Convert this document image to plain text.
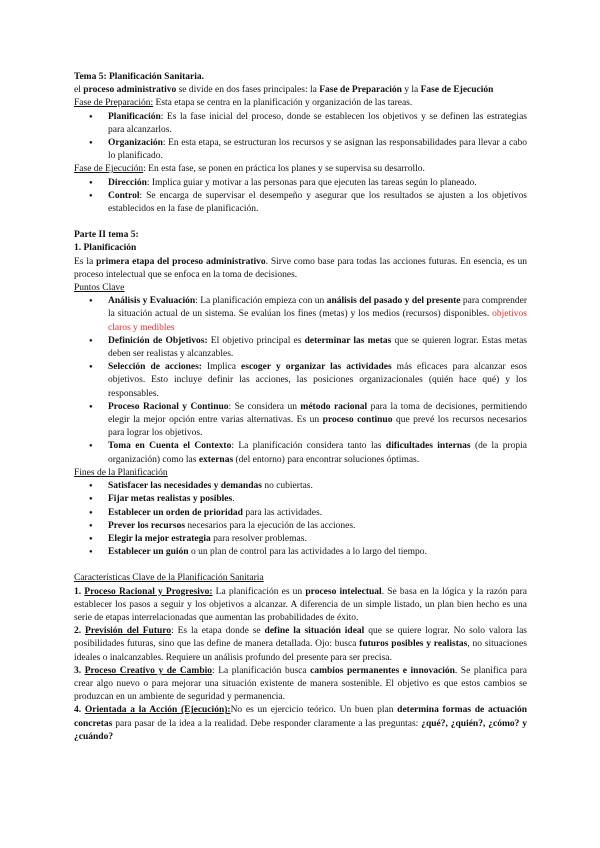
Tema 5: Planificación Sanitaria.

el proceso administrativo se divide en dos fases principales: la Fase de Preparación y la Fase de Ejecución

Fase de Preparación: Esta etapa se centra en la planificación y organización de las tareas.

● Planificación: Es la fase inicial del proceso, donde se establecen los objetivos y se definen las estrategias para alcanzarlos.
● Organización: En esta etapa, se estructuran los recursos y se asignan las responsabilidades para llevar a cabo lo planificado.

Fase de Ejecución: En esta fase, se ponen en práctica los planes y se supervisa su desarrollo.

● Dirección: Implica guiar y motivar a las personas para que ejecuten las tareas según lo planeado.
● Control: Se encarga de supervisar el desempeño y asegurar que los resultados se ajusten a los objetivos establecidos en la fase de planificación.

Parte II tema 5:

1. Planificación

Es la primera etapa del proceso administrativo. Sirve como base para todas las acciones futuras. En esencia, es un proceso intelectual que se enfoca en la toma de decisiones.

Puntos Clave

● Análisis y Evaluación: La planificación empieza con un análisis del pasado y del presente para comprender la situación actual de un sistema. Se evalúan los fines (metas) y los medios (recursos) disponibles. objetivos claros y medibles
● Definición de Objetivos: El objetivo principal es determinar las metas que se quieren lograr. Estas metas deben ser realistas y alcanzables.
● Selección de acciones: Implica escoger y organizar las actividades más eficaces para alcanzar esos objetivos. Esto incluye definir las acciones, las posiciones organizacionales (quién hace qué) y los responsables.
● Proceso Racional y Continuo: Se considera un método racional para la toma de decisiones, permitiendo elegir la mejor opción entre varias alternativas. Es un proceso continuo que prevé los recursos necesarios para lograr los objetivos.
● Toma en Cuenta el Contexto: La planificación considera tanto las dificultades internas (de la propia organización) como las externas (del entorno) para encontrar soluciones óptimas.

Fines de la Planificación

● Satisfacer las necesidades y demandas no cubiertas.
● Fijar metas realistas y posibles.
● Establecer un orden de prioridad para las actividades.
● Prever los recursos necesarios para la ejecución de las acciones.
● Elegir la mejor estrategia para resolver problemas.
● Establecer un guión o un plan de control para las actividades a lo largo del tiempo.

Características Clave de la Planificación Sanitaria

1. Proceso Racional y Progresivo: La planificación es un proceso intelectual. Se basa en la lógica y la razón para establecer los pasos a seguir y los objetivos a alcanzar. A diferencia de un simple listado, un plan bien hecho es una serie de etapas interrelacionadas que aumentan las probabilidades de éxito.

2. Previsión del Futuro: Es la etapa donde se define la situación ideal que se quiere lograr. No solo valora las posibilidades futuras, sino que las define de manera detallada. Ojo: busca futuros posibles y realistas, no situaciones ideales o inalcanzables. Requiere un análisis profundo del presente para ser precisa.

3. Proceso Creativo y de Cambio: La planificación busca cambios permanentes e innovación. Se planifica para crear algo nuevo o para mejorar una situación existente de manera sostenible. El objetivo es que estos cambios se produzcan en un ambiente de seguridad y permanencia.

4. Orientada a la Acción (Ejecución):No es un ejercicio teórico. Un buen plan determina formas de actuación concretas para pasar de la idea a la realidad. Debe responder claramente a las preguntas: ¿qué?, ¿quién?, ¿cómo? y ¿cuándo?
